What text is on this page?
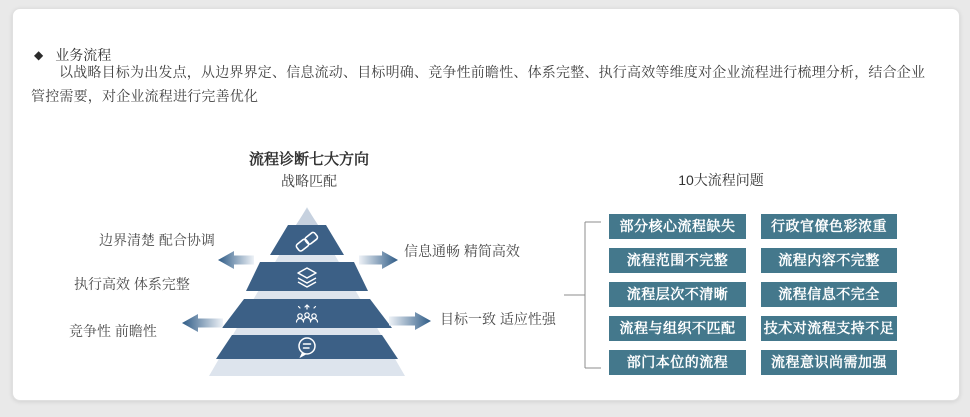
◆ 业务流程
以战略目标为出发点，从边界界定、信息流动、目标明确、竞争性前瞻性、体系完整、执行高效等维度对企业流程进行梳理分析，结合企业管控需要，对企业流程进行完善优化
流程诊断七大方向
战略匹配
边界清楚 配合协调
执行高效 体系完整
竞争性 前瞻性
信息通畅 精简高效
目标一致 适应性强
10大流程问题
部分核心流程缺失	行政官僚色彩浓重
流程范围不完整	流程内容不完整
流程层次不清晰	流程信息不完全
流程与组织不匹配	技术对流程支持不足
部门本位的流程	流程意识尚需加强
